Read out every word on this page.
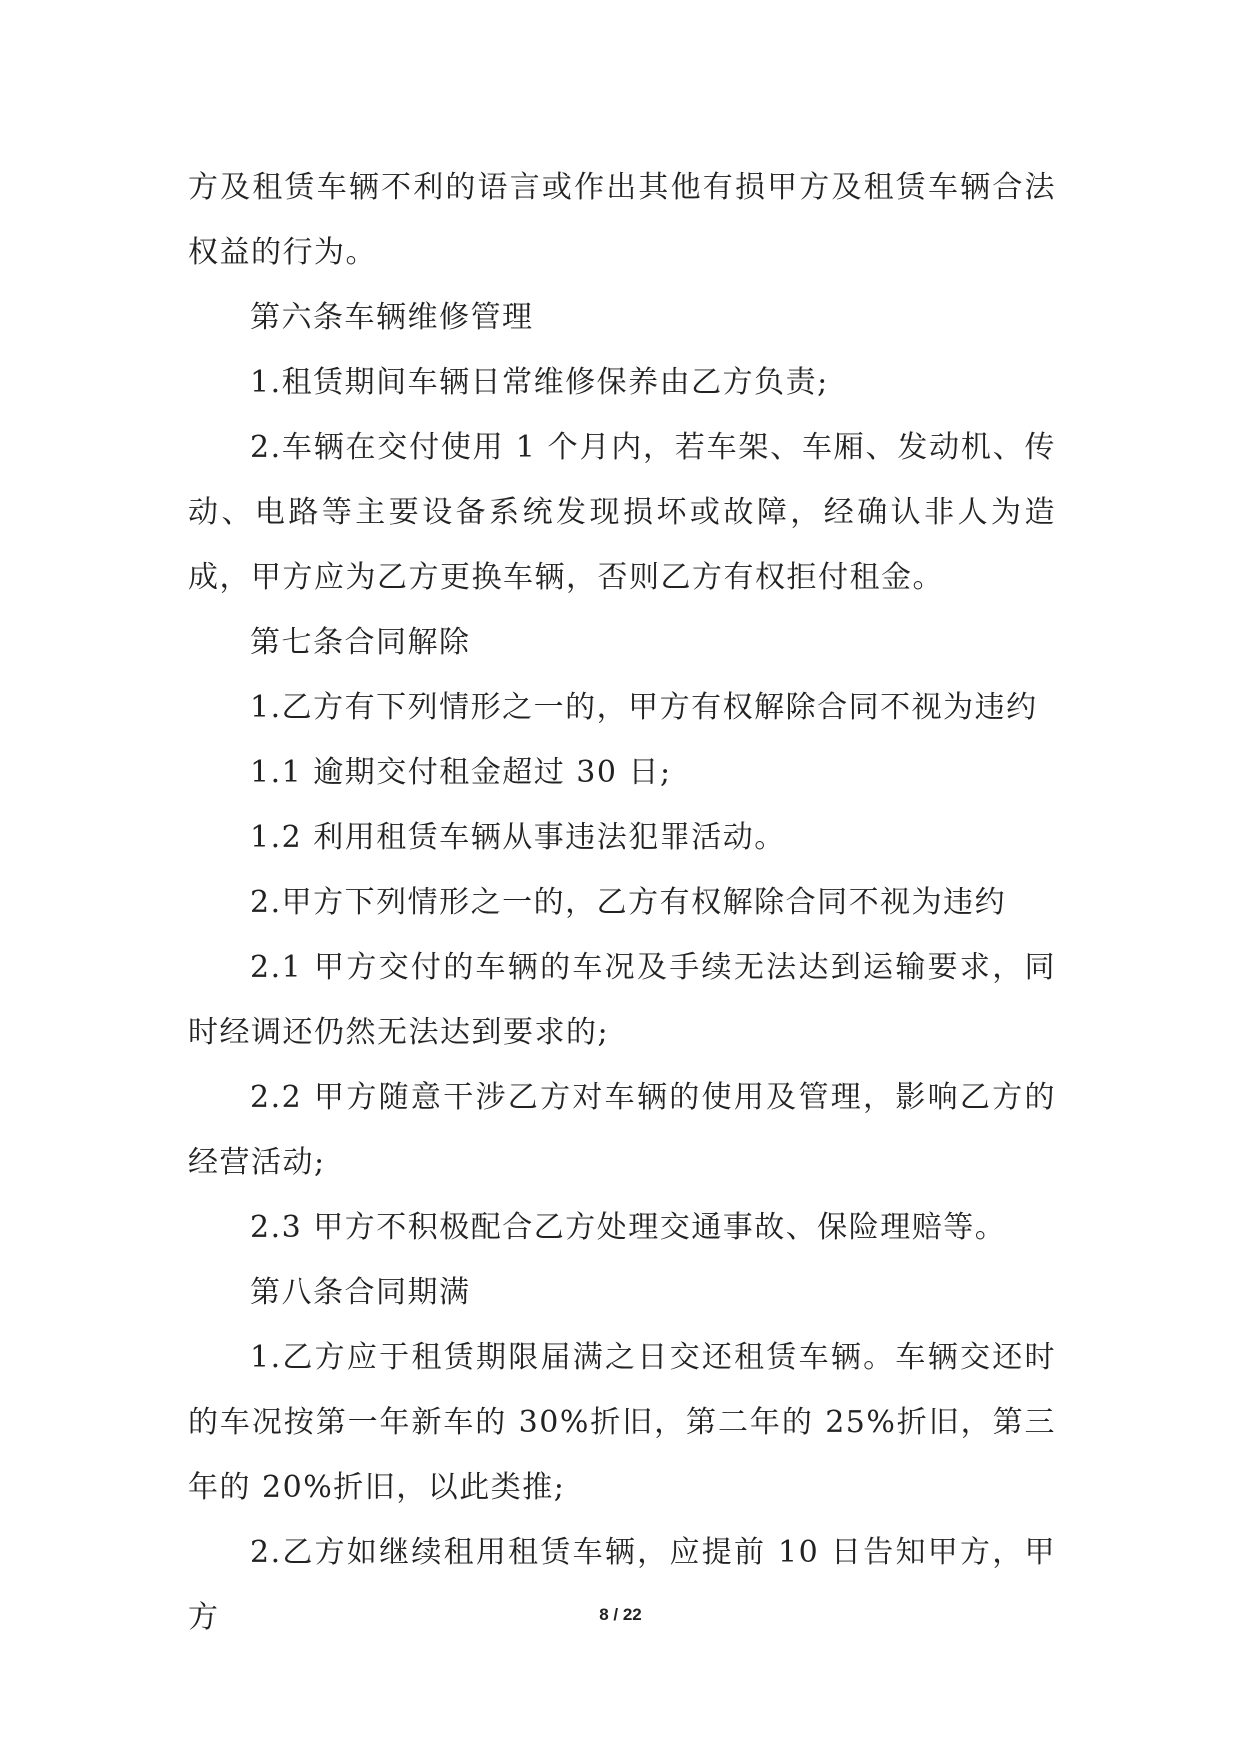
方及租赁车辆不利的语言或作出其他有损甲方及租赁车辆合法权益的行为。

第六条车辆维修管理

1.租赁期间车辆日常维修保养由乙方负责;

2.车辆在交付使用 1 个月内，若车架、车厢、发动机、传动、电路等主要设备系统发现损坏或故障，经确认非人为造成，甲方应为乙方更换车辆，否则乙方有权拒付租金。

第七条合同解除

1.乙方有下列情形之一的，甲方有权解除合同不视为违约

1.1 逾期交付租金超过 30 日;

1.2 利用租赁车辆从事违法犯罪活动。

2.甲方下列情形之一的，乙方有权解除合同不视为违约

2.1 甲方交付的车辆的车况及手续无法达到运输要求，同时经调还仍然无法达到要求的;

2.2 甲方随意干涉乙方对车辆的使用及管理，影响乙方的经营活动;

2.3 甲方不积极配合乙方处理交通事故、保险理赔等。

第八条合同期满

1.乙方应于租赁期限届满之日交还租赁车辆。车辆交还时的车况按第一年新车的 30%折旧，第二年的 25%折旧，第三年的 20%折旧，以此类推;

2.乙方如继续租用租赁车辆，应提前 10 日告知甲方，甲方	8 / 22
